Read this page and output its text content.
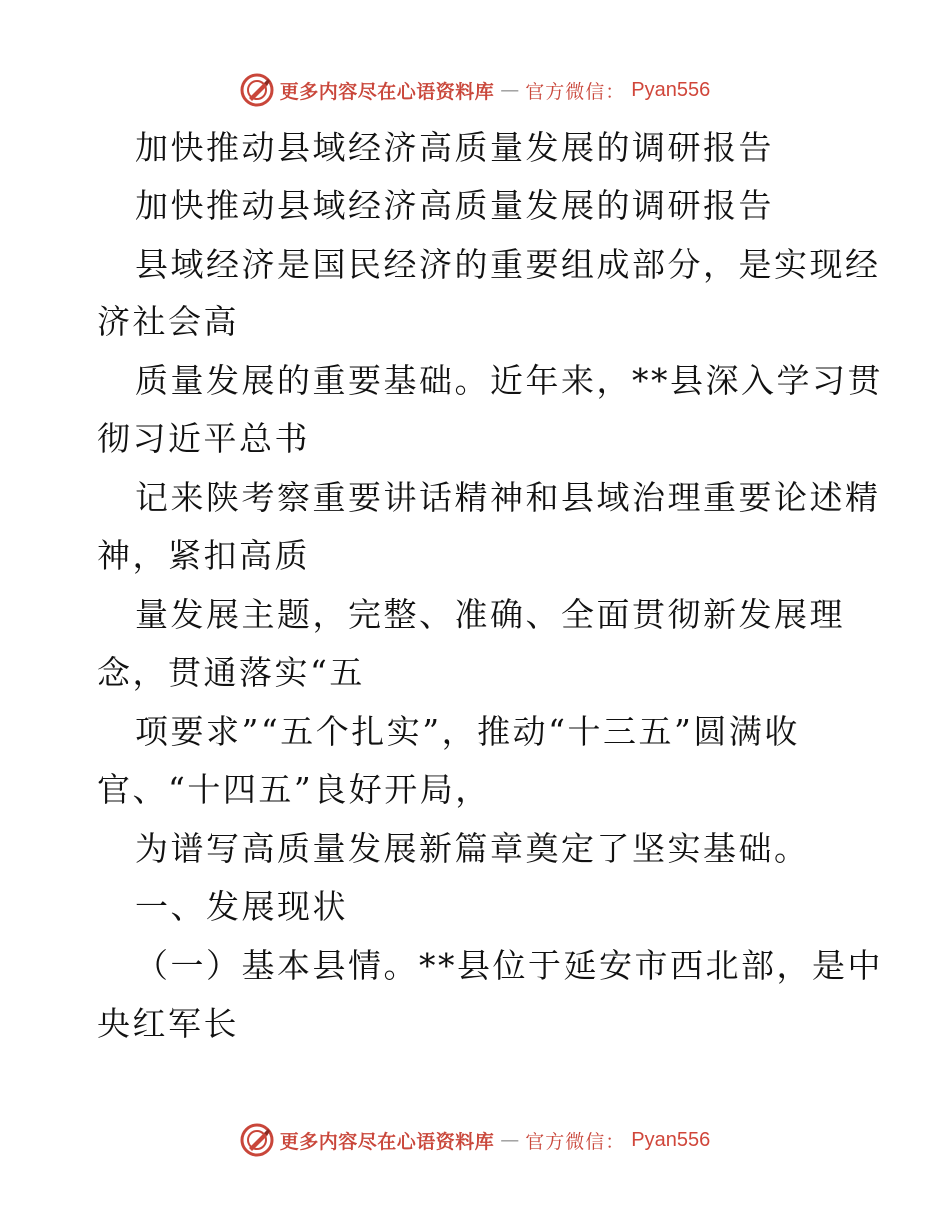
更多内容尽在心语资料库 — 官方微信： Pyan556
加快推动县域经济高质量发展的调研报告
加快推动县域经济高质量发展的调研报告
县域经济是国民经济的重要组成部分，是实现经
济社会高
质量发展的重要基础。近年来，**县深入学习贯
彻习近平总书
记来陕考察重要讲话精神和县域治理重要论述精
神，紧扣高质
量发展主题，完整、准确、全面贯彻新发展理
念，贯通落实“五
项要求”“五个扎实”，推动“十三五”圆满收
官、“十四五”良好开局，
为谱写高质量发展新篇章奠定了坚实基础。
一、发展现状
（一）基本县情。**县位于延安市西北部，是中
央红军长
更多内容尽在心语资料库 — 官方微信： Pyan556
